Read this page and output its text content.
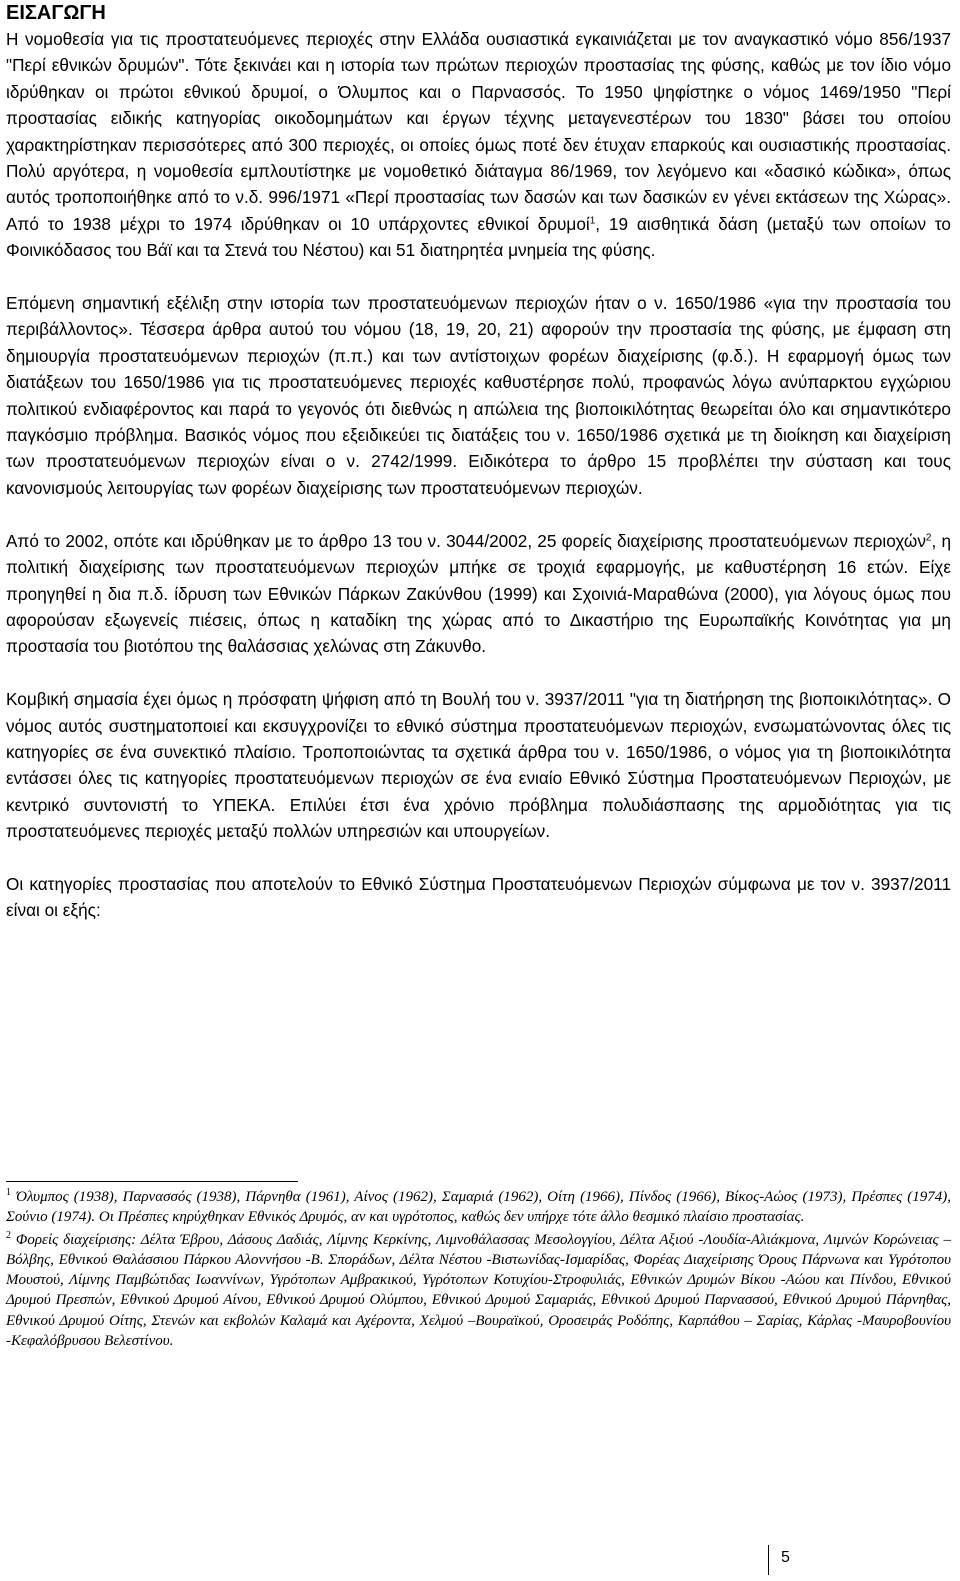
ΕΙΣΑΓΩΓΗ

Η νομοθεσία για τις προστατευόμενες περιοχές στην Ελλάδα ουσιαστικά εγκαινιάζεται με τον αναγκαστικό νόμο 856/1937 "Περί εθνικών δρυμών". Τότε ξεκινάει και η ιστορία των πρώτων περιοχών προστασίας της φύσης, καθώς με τον ίδιο νόμο ιδρύθηκαν οι πρώτοι εθνικού δρυμοί, ο Όλυμπος και ο Παρνασσός. Το 1950 ψηφίστηκε ο νόμος 1469/1950 "Περί προστασίας ειδικής κατηγορίας οικοδομημάτων και έργων τέχνης μεταγενεστέρων του 1830" βάσει του οποίου χαρακτηρίστηκαν περισσότερες από 300 περιοχές, οι οποίες όμως ποτέ δεν έτυχαν επαρκούς και ουσιαστικής προστασίας. Πολύ αργότερα, η νομοθεσία εμπλουτίστηκε με νομοθετικό διάταγμα 86/1969, τον λεγόμενο και «δασικό κώδικα», όπως αυτός τροποποιήθηκε από το ν.δ. 996/1971 «Περί προστασίας των δασών και των δασικών εν γένει εκτάσεων της Χώρας». Από το 1938 μέχρι το 1974 ιδρύθηκαν οι 10 υπάρχοντες εθνικοί δρυμοί$^1$, 19 αισθητικά δάση (μεταξύ των οποίων το Φοινικόδασος του Βάϊ και τα Στενά του Νέστου) και 51 διατηρητέα μνημεία της φύσης.

Επόμενη σημαντική εξέλιξη στην ιστορία των προστατευόμενων περιοχών ήταν ο ν. 1650/1986 «για την προστασία του περιβάλλοντος». Τέσσερα άρθρα αυτού του νόμου (18, 19, 20, 21) αφορούν την προστασία της φύσης, με έμφαση στη δημιουργία προστατευόμενων περιοχών (π.π.) και των αντίστοιχων φορέων διαχείρισης (φ.δ.). Η εφαρμογή όμως των διατάξεων του 1650/1986 για τις προστατευόμενες περιοχές καθυστέρησε πολύ, προφανώς λόγω ανύπαρκτου εγχώριου πολιτικού ενδιαφέροντος και παρά το γεγονός ότι διεθνώς η απώλεια της βιοποικιλότητας θεωρείται όλο και σημαντικότερο παγκόσμιο πρόβλημα. Βασικός νόμος που εξειδικεύει τις διατάξεις του ν. 1650/1986 σχετικά με τη διοίκηση και διαχείριση των προστατευόμενων περιοχών είναι ο ν. 2742/1999. Ειδικότερα το άρθρο 15 προβλέπει την σύσταση και τους κανονισμούς λειτουργίας των φορέων διαχείρισης των προστατευόμενων περιοχών.

Από το 2002, οπότε και ιδρύθηκαν με το άρθρο 13 του ν. 3044/2002, 25 φορείς διαχείρισης προστατευόμενων περιοχών$^2$, η πολιτική διαχείρισης των προστατευόμενων περιοχών μπήκε σε τροχιά εφαρμογής, με καθυστέρηση 16 ετών. Είχε προηγηθεί η δια π.δ. ίδρυση των Εθνικών Πάρκων Ζακύνθου (1999) και Σχοινιά-Μαραθώνα (2000), για λόγους όμως που αφορούσαν εξωγενείς πιέσεις, όπως η καταδίκη της χώρας από το Δικαστήριο της Ευρωπαϊκής Κοινότητας για μη προστασία του βιοτόπου της θαλάσσιας χελώνας στη Ζάκυνθο.

Κομβική σημασία έχει όμως η πρόσφατη ψήφιση από τη Βουλή του ν. 3937/2011 "για τη διατήρηση της βιοποικιλότητας». Ο νόμος αυτός συστηματοποιεί και εκσυγχρονίζει το εθνικό σύστημα προστατευόμενων περιοχών, ενσωματώνοντας όλες τις κατηγορίες σε ένα συνεκτικό πλαίσιο. Τροποποιώντας τα σχετικά άρθρα του ν. 1650/1986, ο νόμος για τη βιοποικιλότητα εντάσσει όλες τις κατηγορίες προστατευόμενων περιοχών σε ένα ενιαίο Εθνικό Σύστημα Προστατευόμενων Περιοχών, με κεντρικό συντονιστή το ΥΠΕΚΑ. Επιλύει έτσι ένα χρόνιο πρόβλημα πολυδιάσπασης της αρμοδιότητας για τις προστατευόμενες περιοχές μεταξύ πολλών υπηρεσιών και υπουργείων.

Οι κατηγορίες προστασίας που αποτελούν το Εθνικό Σύστημα Προστατευόμενων Περιοχών σύμφωνα με τον ν. 3937/2011 είναι οι εξής:

$^1$ Όλυμπος (1938), Παρνασσός (1938), Πάρνηθα (1961), Αίνος (1962), Σαμαριά (1962), Οίτη (1966), Πίνδος (1966), Βίκος-Αώος (1973), Πρέσπες (1974), Σούνιο (1974). Οι Πρέσπες κηρύχθηκαν Εθνικός Δρυμός, αν και υγρότοπος, καθώς δεν υπήρχε τότε άλλο θεσμικό πλαίσιο προστασίας.

$^2$ Φορείς διαχείρισης: Δέλτα Έβρου, Δάσους Δαδιάς, Λίμνης Κερκίνης, Λιμνοθάλασσας Μεσολογγίου, Δέλτα Αξιού -Λουδία-Αλιάκμονα, Λιμνών Κορώνειας –Βόλβης, Εθνικού Θαλάσσιου Πάρκου Αλοννήσου -Β. Σποράδων, Δέλτα Νέστου -Βιστωνίδας-Ισμαρίδας, Φορέας Διαχείρισης Όρους Πάρνωνα και Υγρότοπου Μουστού, Λίμνης Παμβώτιδας Ιωαννίνων, Υγρότοπων Αμβρακικού, Υγρότοπων Κοτυχίου-Στροφυλιάς, Εθνικών Δρυμών Βίκου -Αώου και Πίνδου, Εθνικού Δρυμού Πρεσπών, Εθνικού Δρυμού Αίνου, Εθνικού Δρυμού Ολύμπου, Εθνικού Δρυμού Σαμαριάς, Εθνικού Δρυμού Παρνασσού, Εθνικού Δρυμού Πάρνηθας, Εθνικού Δρυμού Οίτης, Στενών και εκβολών Καλαμά και Αχέροντα, Χελμού –Βουραϊκού, Οροσειράς Ροδόπης, Καρπάθου – Σαρίας, Κάρλας -Μαυροβουνίου -Κεφαλόβρυσου Βελεστίνου.

5
